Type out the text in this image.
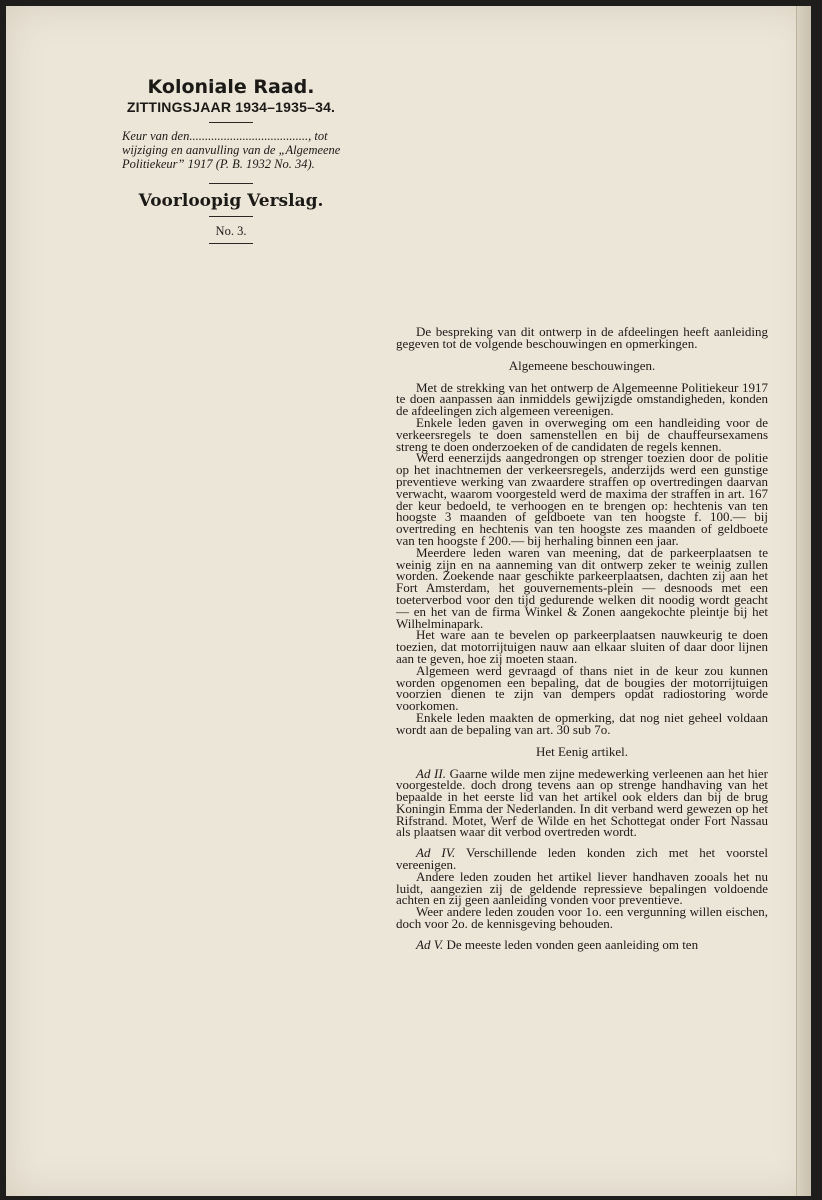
Koloniale Raad.
ZITTINGSJAAR 1934–1935–34.
Keur van den......................................, tot wijziging en aanvulling van de „Algemeene Politiekeur” 1917 (P. B. 1932 No. 34).
Voorloopig Verslag.
No. 3.

De bespreking van dit ontwerp in de afdeelingen heeft aanleiding gegeven tot de volgende beschouwingen en opmerkingen.

Algemeene beschouwingen.

Met de strekking van het ontwerp de Algemeenne Politiekeur 1917 te doen aanpassen aan inmiddels gewijzigde omstandigheden, konden de afdeelingen zich algemeen vereenigen.

Enkele leden gaven in overweging om een handleiding voor de verkeersregels te doen samenstellen en bij de chauffeursexamens streng te doen onderzoeken of de candidaten de regels kennen.

Werd eenerzijds aangedrongen op strenger toezien door de politie op het inachtnemen der verkeersregels, anderzijds werd een gunstige preventieve werking van zwaardere straffen op overtredingen daarvan verwacht, waarom voorgesteld werd de maxima der straffen in art. 167 der keur bedoeld, te verhoogen en te brengen op: hechtenis van ten hoogste 3 maanden of geldboete van ten hoogste f. 100.— bij overtreding en hechtenis van ten hoogste zes maanden of geldboete van ten hoogste f 200.— bij herhaling binnen een jaar.

Meerdere leden waren van meening, dat de parkeerplaatsen te weinig zijn en na aanneming van dit ontwerp zeker te weinig zullen worden. Zoekende naar geschikte parkeerplaatsen, dachten zij aan het Fort Amsterdam, het gouvernements-plein — desnoods met een toeterverbod voor den tijd gedurende welken dit noodig wordt geacht — en het van de firma Winkel & Zonen aangekochte pleintje bij het Wilhelminapark.

Het ware aan te bevelen op parkeerplaatsen nauwkeurig te doen toezien, dat motorrijtuigen nauw aan elkaar sluiten of daar door lijnen aan te geven, hoe zij moeten staan.

Algemeen werd gevraagd of thans niet in de keur zou kunnen worden opgenomen een bepaling, dat de bougies der motorrijtuigen voorzien dienen te zijn van dempers opdat radiostoring worde voorkomen.

Enkele leden maakten de opmerking, dat nog niet geheel voldaan wordt aan de bepaling van art. 30 sub 7o.

Het Eenig artikel.

Ad II. Gaarne wilde men zijne medewerking verleenen aan het hier voorgestelde. doch drong tevens aan op strenge handhaving van het bepaalde in het eerste lid van het artikel ook elders dan bij de brug Koningin Emma der Nederlanden. In dit verband werd gewezen op het Rifstrand. Motet, Werf de Wilde en het Schottegat onder Fort Nassau als plaatsen waar dit verbod overtreden wordt.

Ad IV. Verschillende leden konden zich met het voorstel vereenigen.

Andere leden zouden het artikel liever handhaven zooals het nu luidt, aangezien zij de geldende repressieve bepalingen voldoende achten en zij geen aanleiding vonden voor preventieve.

Weer andere leden zouden voor 1o. een vergunning willen eischen, doch voor 2o. de kennisgeving behouden.

Ad V. De meeste leden vonden geen aanleiding om ten
